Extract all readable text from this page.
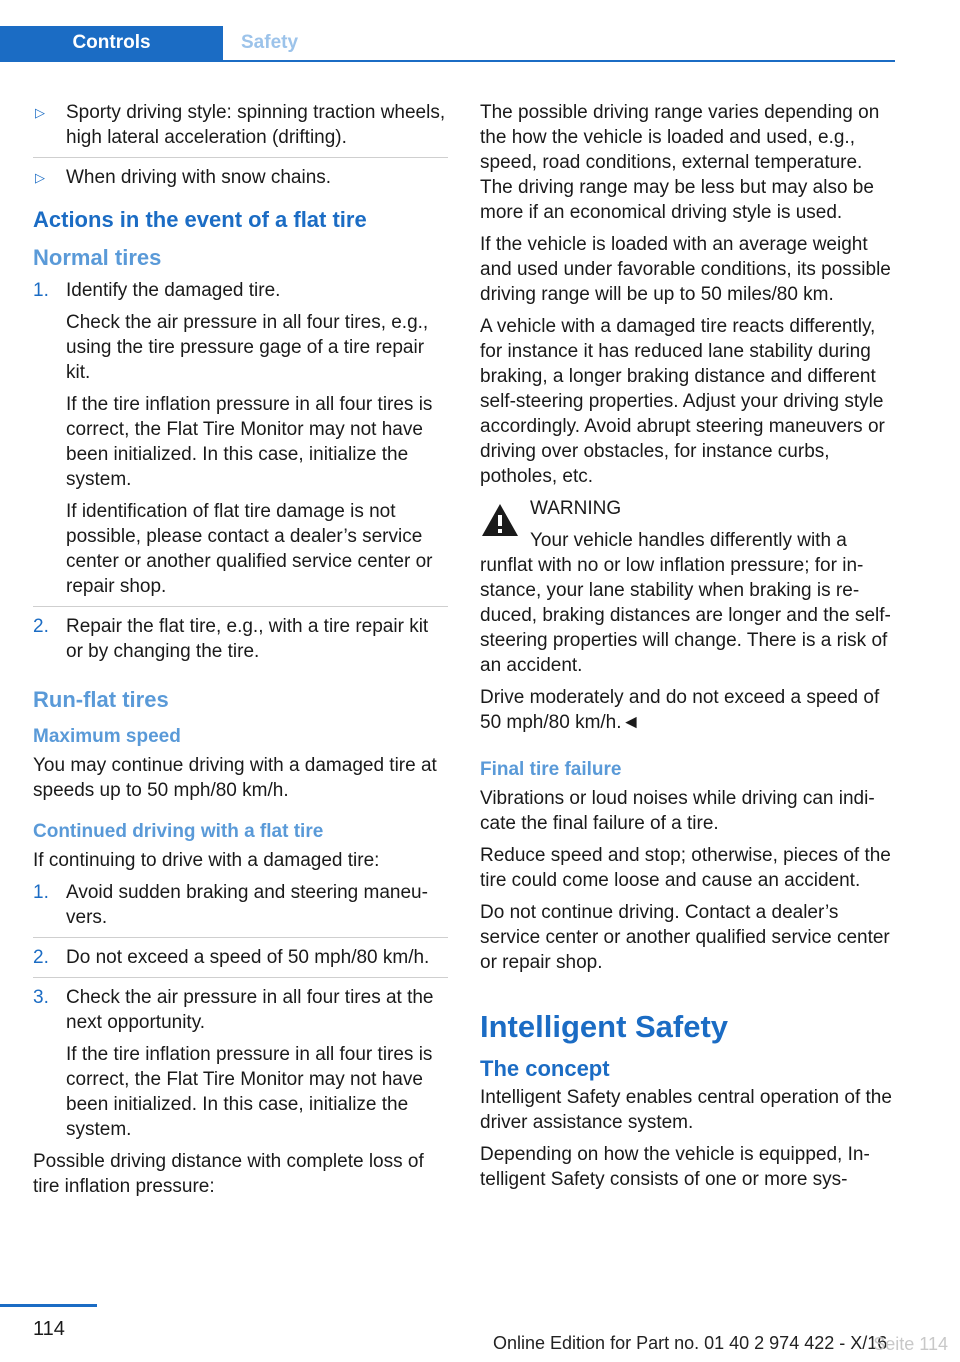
Controls	Safety
▷ Sporty driving style: spinning traction wheels, high lateral acceleration (drifting).
▷ When driving with snow chains.
Actions in the event of a flat tire
Normal tires
1. Identify the damaged tire.
Check the air pressure in all four tires, e.g., using the tire pressure gage of a tire repair kit.
If the tire inflation pressure in all four tires is correct, the Flat Tire Monitor may not have been initialized. In this case, initialize the system.
If identification of flat tire damage is not possible, please contact a dealer’s service center or another qualified service center or repair shop.
2. Repair the flat tire, e.g., with a tire repair kit or by changing the tire.
Run-flat tires
Maximum speed

You may continue driving with a damaged tire at speeds up to 50 mph/80 km/h.

Continued driving with a flat tire

If continuing to drive with a damaged tire:

1. Avoid sudden braking and steering maneuvers.
2. Do not exceed a speed of 50 mph/80 km/h.
3. Check the air pressure in all four tires at the next opportunity.
If the tire inflation pressure in all four tires is correct, the Flat Tire Monitor may not have been initialized. In this case, initialize the system.

Possible driving distance with complete loss of tire inflation pressure:

The possible driving range varies depending on the how the vehicle is loaded and used, e.g., speed, road conditions, external temperature. The driving range may be less but may also be more if an economical driving style is used.

If the vehicle is loaded with an average weight and used under favorable conditions, its possible driving range will be up to 50 miles/80 km.

A vehicle with a damaged tire reacts differently, for instance it has reduced lane stability during braking, a longer braking distance and different self-steering properties. Adjust your driving style accordingly. Avoid abrupt steering maneuvers or driving over obstacles, for instance curbs, potholes, etc.

WARNING

Your vehicle handles differently with a runflat with no or low inflation pressure; for instance, your lane stability when braking is reduced, braking distances are longer and the self-steering properties will change. There is a risk of an accident.

Drive moderately and do not exceed a speed of 50 mph/80 km/h.◄

Final tire failure

Vibrations or loud noises while driving can indicate the final failure of a tire.

Reduce speed and stop; otherwise, pieces of the tire could come loose and cause an accident.

Do not continue driving. Contact a dealer’s service center or another qualified service center or repair shop.

Intelligent Safety
The concept

Intelligent Safety enables central operation of the driver assistance system.

Depending on how the vehicle is equipped, Intelligent Safety consists of one or more sys-

114
Online Edition for Part no. 01 40 2 974 422 - X/16
Seite 114
